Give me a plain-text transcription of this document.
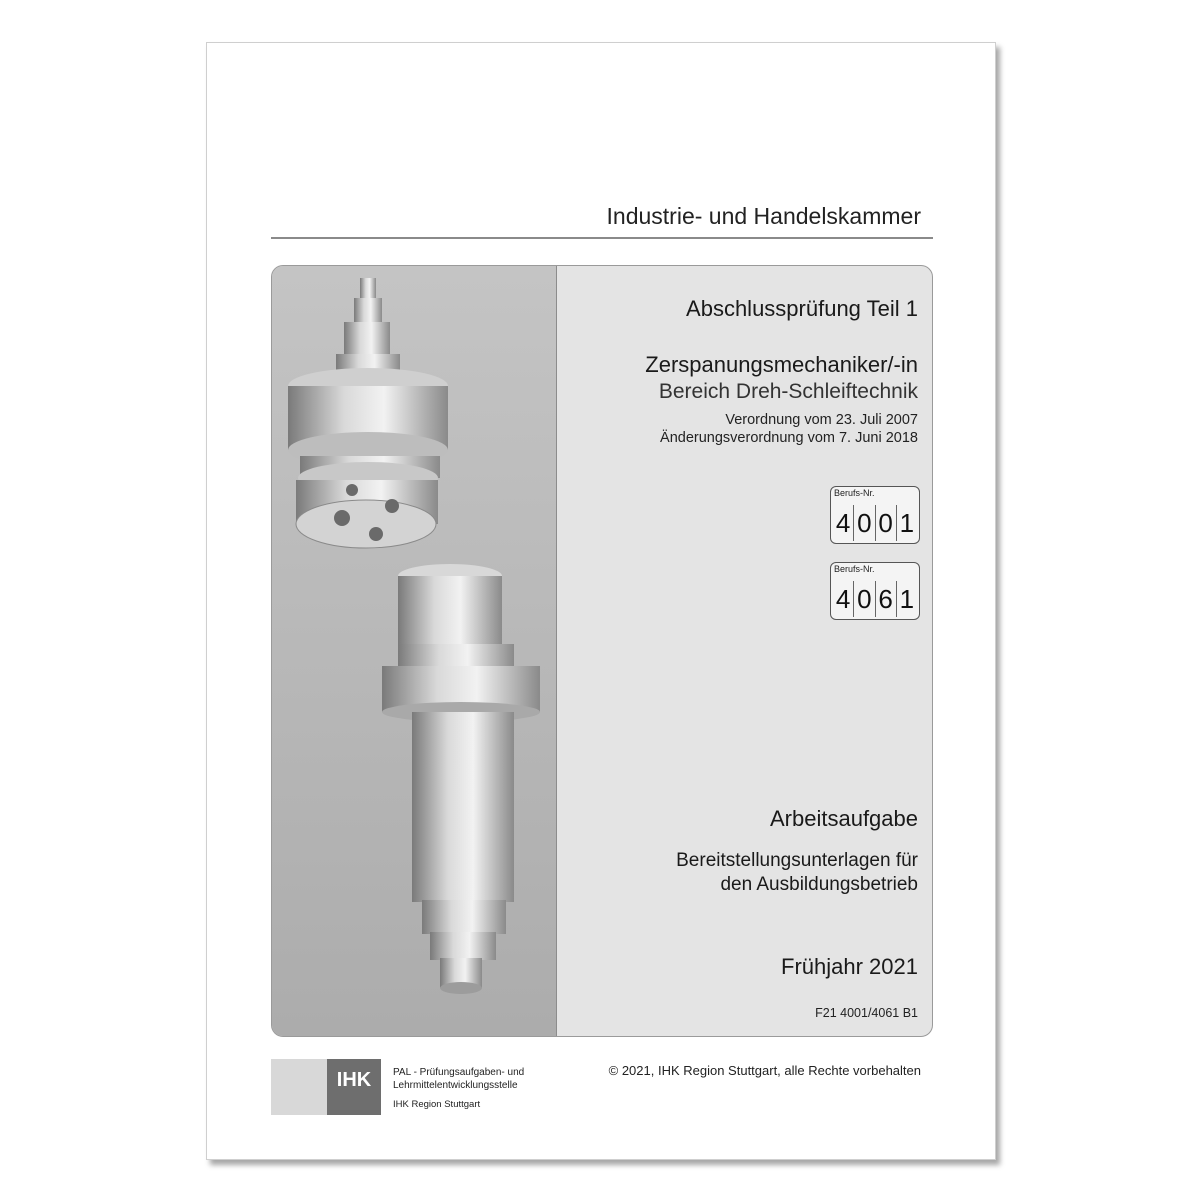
Industrie- und Handelskammer
Abschlussprüfung Teil 1
Zerspanungsmechaniker/-in
Bereich Dreh-Schleiftechnik
Verordnung vom 23. Juli 2007
Änderungsverordnung vom 7. Juni 2018
Berufs-Nr.
4 0 0 1
Berufs-Nr.
4 0 6 1
Arbeitsaufgabe
Bereitstellungsunterlagen für
den Ausbildungsbetrieb
Frühjahr 2021
F21 4001/4061 B1
IHK	PAL - Prüfungsaufgaben- und
Lehrmittelentwicklungsstelle
IHK Region Stuttgart
© 2021, IHK Region Stuttgart, alle Rechte vorbehalten
